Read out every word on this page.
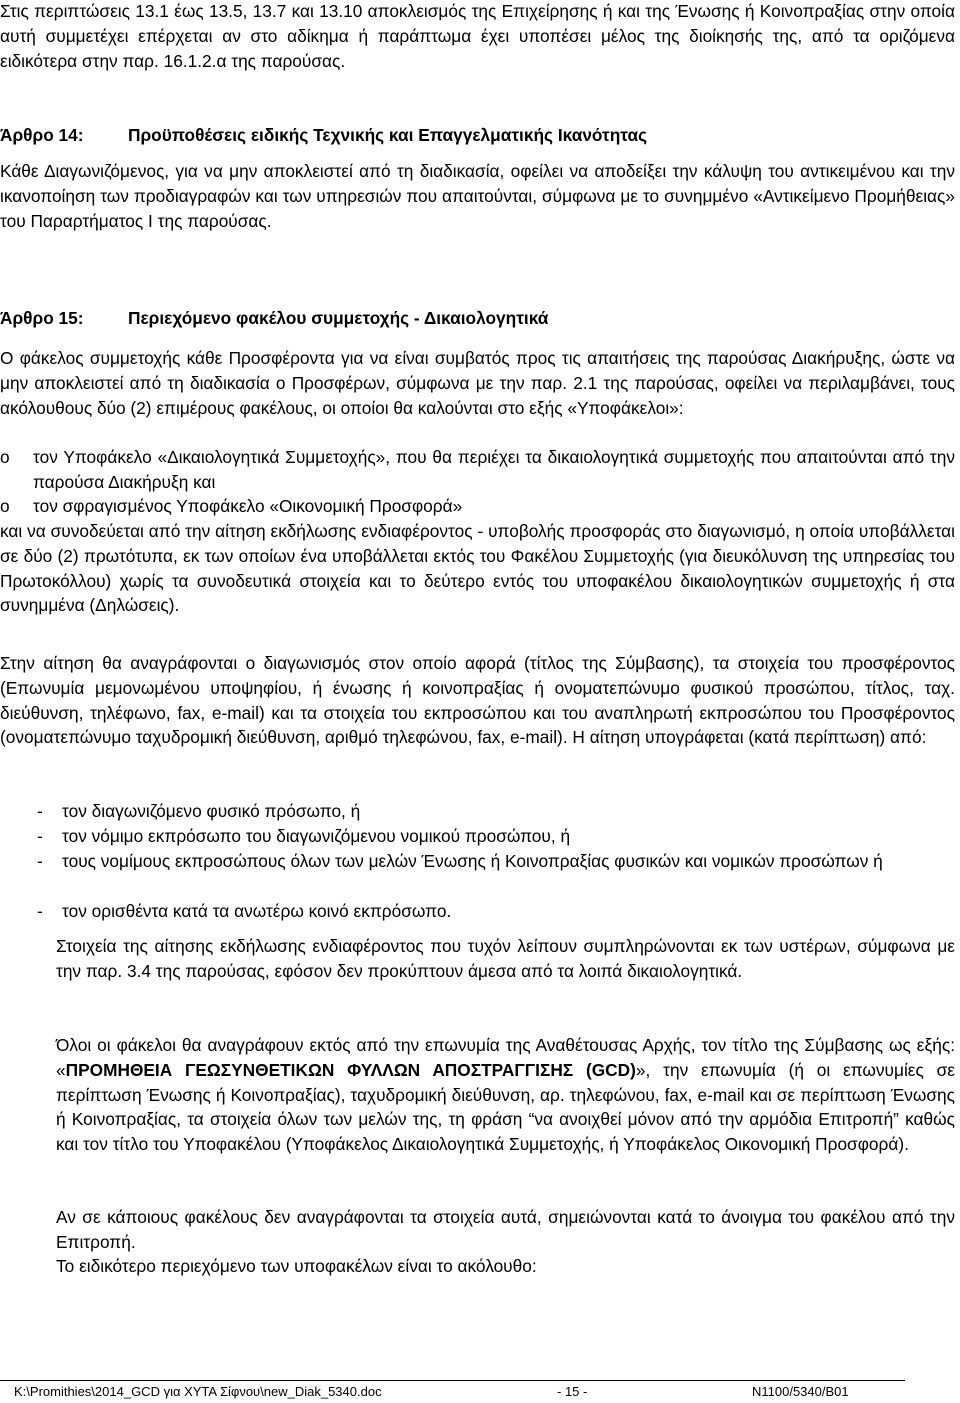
Στις περιπτώσεις 13.1 έως 13.5, 13.7 και 13.10 αποκλεισμός της Επιχείρησης ή και της Ένωσης ή Κοινοπραξίας στην οποία αυτή συμμετέχει επέρχεται αν στο αδίκημα ή παράπτωμα έχει υποπέσει μέλος της διοίκησής της, από τα οριζόμενα ειδικότερα στην παρ. 16.1.2.α της παρούσας.

Άρθρο 14:	Προϋποθέσεις ειδικής Τεχνικής και Επαγγελματικής Ικανότητας

Κάθε Διαγωνιζόμενος, για να μην αποκλειστεί από τη διαδικασία, οφείλει να αποδείξει την κάλυψη του αντικειμένου και την ικανοποίηση των προδιαγραφών και των υπηρεσιών που απαιτούνται, σύμφωνα με το συνημμένο «Αντικείμενο Προμήθειας» του Παραρτήματος Ι της παρούσας.

Άρθρο 15:	Περιεχόμενο φακέλου συμμετοχής - Δικαιολογητικά

Ο φάκελος συμμετοχής κάθε Προσφέροντα για να είναι συμβατός προς τις απαιτήσεις της παρούσας Διακήρυξης, ώστε να μην αποκλειστεί από τη διαδικασία ο Προσφέρων, σύμφωνα με την παρ. 2.1 της παρούσας, οφείλει να περιλαμβάνει, τους ακόλουθους δύο (2) επιμέρους φακέλους, οι οποίοι θα καλούνται στο εξής «Υποφάκελοι»:

o τον Υποφάκελο «Δικαιολογητικά Συμμετοχής», που θα περιέχει τα δικαιολογητικά συμμετοχής που απαιτούνται από την παρούσα Διακήρυξη και
o τον σφραγισμένος Υποφάκελο «Οικονομική Προσφορά»

και να συνοδεύεται από την αίτηση εκδήλωσης ενδιαφέροντος - υποβολής προσφοράς στο διαγωνισμό, η οποία υποβάλλεται σε δύο (2) πρωτότυπα, εκ των οποίων ένα υποβάλλεται εκτός του Φακέλου Συμμετοχής (για διευκόλυνση της υπηρεσίας του Πρωτοκόλλου) χωρίς τα συνοδευτικά στοιχεία και το δεύτερο εντός του υποφακέλου δικαιολογητικών συμμετοχής ή στα συνημμένα (Δηλώσεις).

Στην αίτηση θα αναγράφονται ο διαγωνισμός στον οποίο αφορά (τίτλος της Σύμβασης), τα στοιχεία του προσφέροντος (Επωνυμία μεμονωμένου υποψηφίου, ή ένωσης ή κοινοπραξίας ή ονοματεπώνυμο φυσικού προσώπου, τίτλος, ταχ. διεύθυνση, τηλέφωνο, fax, e-mail) και τα στοιχεία του εκπροσώπου και του αναπληρωτή εκπροσώπου του Προσφέροντος (ονοματεπώνυμο ταχυδρομική διεύθυνση, αριθμό τηλεφώνου, fax, e-mail). Η αίτηση υπογράφεται (κατά περίπτωση) από:

- τον διαγωνιζόμενο φυσικό πρόσωπο, ή
- τον νόμιμο εκπρόσωπο του διαγωνιζόμενου νομικού προσώπου, ή
- τους νομίμους εκπροσώπους όλων των μελών Ένωσης ή Κοινοπραξίας φυσικών και νομικών προσώπων ή
- τον ορισθέντα κατά τα ανωτέρω κοινό εκπρόσωπο.

Στοιχεία της αίτησης εκδήλωσης ενδιαφέροντος που τυχόν λείπουν συμπληρώνονται εκ των υστέρων, σύμφωνα με την παρ. 3.4 της παρούσας, εφόσον δεν προκύπτουν άμεσα από τα λοιπά δικαιολογητικά.

Όλοι οι φάκελοι θα αναγράφουν εκτός από την επωνυμία της Αναθέτουσας Αρχής, τον τίτλο της Σύμβασης ως εξής: «ΠΡΟΜΗΘΕΙΑ ΓΕΩΣΥΝΘΕΤΙΚΩΝ ΦΥΛΛΩΝ ΑΠΟΣΤΡΑΓΓΙΣΗΣ (GCD)», την επωνυμία (ή οι επωνυμίες σε περίπτωση Ένωσης ή Κοινοπραξίας), ταχυδρομική διεύθυνση, αρ. τηλεφώνου, fax, e-mail και σε περίπτωση Ένωσης ή Κοινοπραξίας, τα στοιχεία όλων των μελών της, τη φράση “να ανοιχθεί μόνον από την αρμόδια Επιτροπή” καθώς και τον τίτλο του Υποφακέλου (Υποφάκελος Δικαιολογητικά Συμμετοχής, ή Υποφάκελος Οικονομική Προσφορά).

Αν σε κάποιους φακέλους δεν αναγράφονται τα στοιχεία αυτά, σημειώνονται κατά το άνοιγμα του φακέλου από την Επιτροπή.

Το ειδικότερο περιεχόμενο των υποφακέλων είναι το ακόλουθο:

K:\Promithies\2014_GCD για ΧΥΤΑ Σίφνου\new_Diak_5340.doc	- 15 -	N1100/5340/B01
